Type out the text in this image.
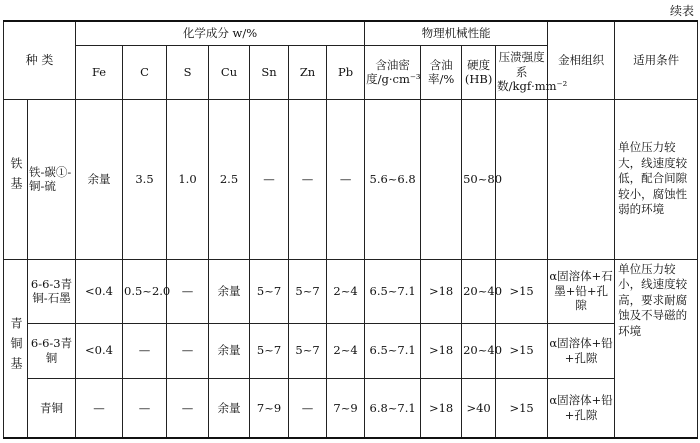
续表
种 类		化学成分 w/%							物理机械性能				金相组织	适用条件
		Fe	C	S	Cu	Sn	Zn	Pb	含油密度/g·cm⁻³	含油率/%	硬度(HB)	压溃强度系数/kgf·mm⁻²		
铁基	铁-碳①-铜-硫	余量	3.5	1.0	2.5	—	—	—	5.6~6.8		50~80			单位压力较大，线速度较低，配合间隙较小，腐蚀性弱的环境
青铜基	6-6-3青铜-石墨	<0.4	0.5~2.0	—	余量	5~7	5~7	2~4	6.5~7.1	>18	20~40	>15	α固溶体+石墨+铅+孔隙	单位压力较小，线速度较高，要求耐腐蚀及不导磁的环境
	6-6-3青铜	<0.4	—	—	余量	5~7	5~7	2~4	6.5~7.1	>18	20~40	>15	α固溶体+铅+孔隙	
	青铜	—	—	—	余量	7~9	—	7~9	6.8~7.1	>18	>40	>15	α固溶体+铅+孔隙	
